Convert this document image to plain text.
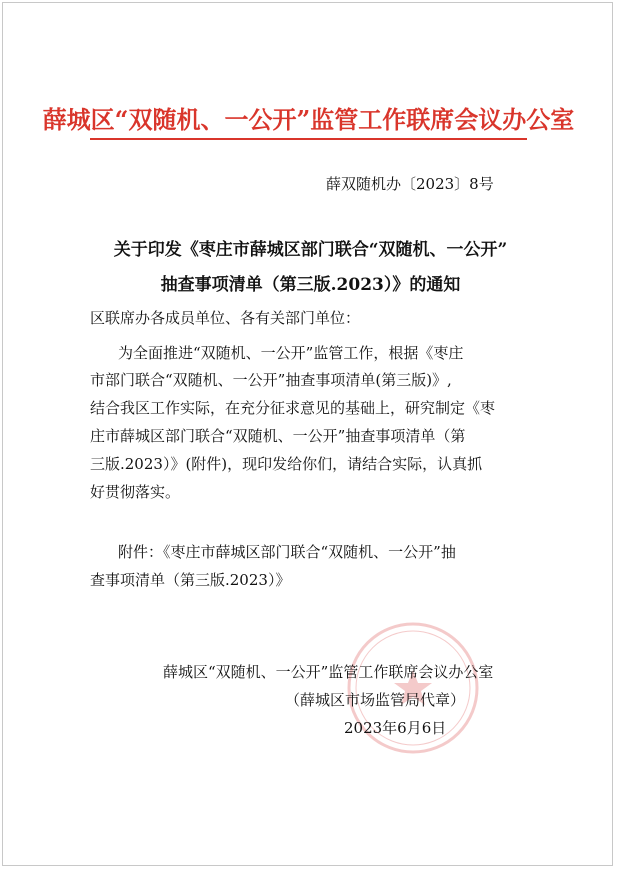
薛城区“双随机、一公开”监管工作联席会议办公室
薛双随机办〔2023〕8号
关于印发《枣庄市薛城区部门联合“双随机、一公开”
抽查事项清单（第三版.2023）》的通知
区联席办各成员单位、各有关部门单位：
为全面推进“双随机、一公开”监管工作，根据《枣庄
市部门联合“双随机、一公开”抽查事项清单(第三版)》,
结合我区工作实际，在充分征求意见的基础上，研究制定《枣
庄市薛城区部门联合“双随机、一公开”抽查事项清单（第
三版.2023）》(附件)，现印发给你们，请结合实际，认真抓
好贯彻落实。
附件：《枣庄市薛城区部门联合“双随机、一公开”抽
查事项清单（第三版.2023）》
薛城区“双随机、一公开”监管工作联席会议办公室
（薛城区市场监管局代章）
2023年6月6日
